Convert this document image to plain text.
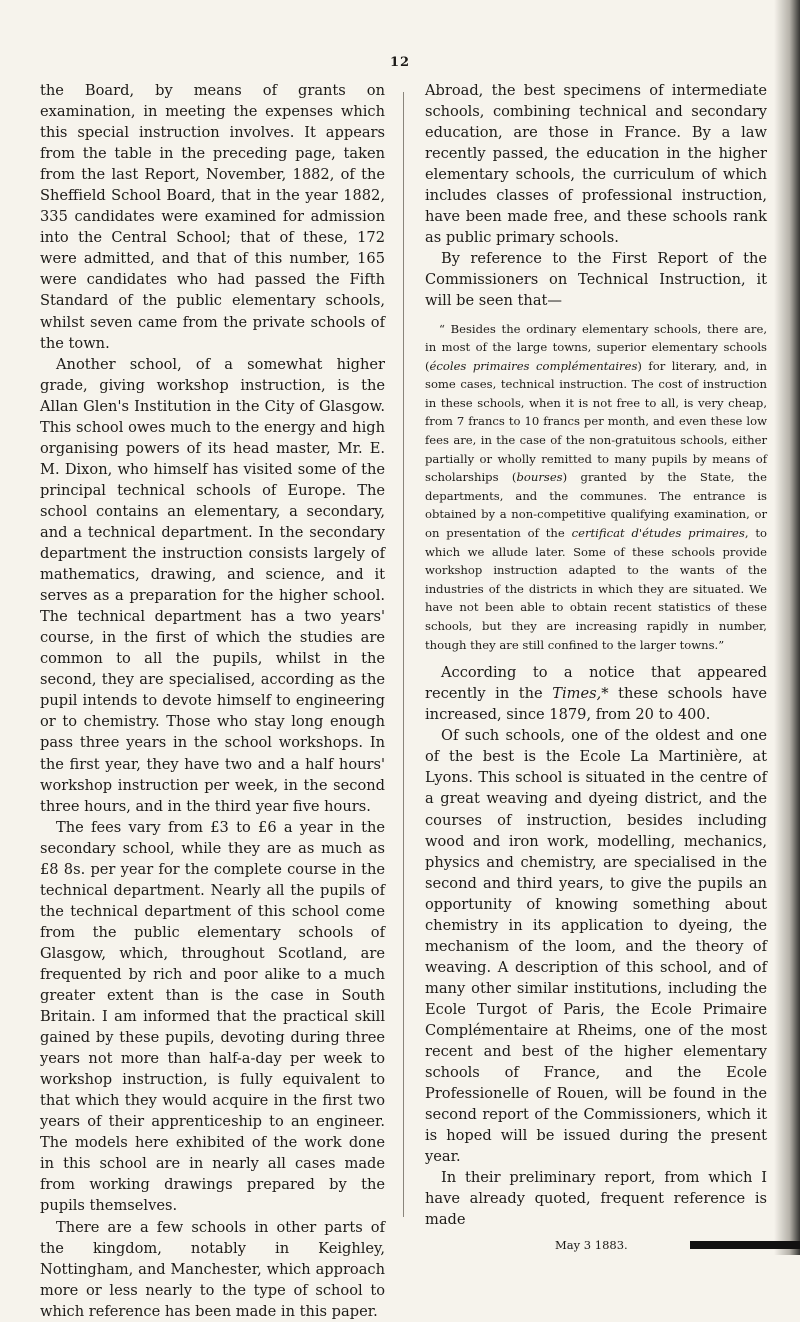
12

the Board, by means of grants on examination, in meeting the expenses which this special instruction involves. It appears from the table in the preceding page, taken from the last Report, November, 1882, of the Sheffield School Board, that in the year 1882, 335 candidates were examined for admission into the Central School; that of these, 172 were admitted, and that of this number, 165 were candidates who had passed the Fifth Standard of the public elementary schools, whilst seven came from the private schools of the town.

Another school, of a somewhat higher grade, giving workshop instruction, is the Allan Glen's Institution in the City of Glasgow. This school owes much to the energy and high organising powers of its head master, Mr. E. M. Dixon, who himself has visited some of the principal technical schools of Europe. The school contains an elementary, a secondary, and a technical department. In the secondary department the instruction consists largely of mathematics, drawing, and science, and it serves as a preparation for the higher school. The technical department has a two years' course, in the first of which the studies are common to all the pupils, whilst in the second, they are specialised, according as the pupil intends to devote himself to engineering or to chemistry. Those who stay long enough pass three years in the school workshops. In the first year, they have two and a half hours' workshop instruction per week, in the second three hours, and in the third year five hours.

The fees vary from £3 to £6 a year in the secondary school, while they are as much as £8 8s. per year for the complete course in the technical department. Nearly all the pupils of the technical department of this school come from the public elementary schools of Glasgow, which, throughout Scotland, are frequented by rich and poor alike to a much greater extent than is the case in South Britain. I am informed that the practical skill gained by these pupils, devoting during three years not more than half-a-day per week to workshop instruction, is fully equivalent to that which they would acquire in the first two years of their apprenticeship to an engineer. The models here exhibited of the work done in this school are in nearly all cases made from working drawings prepared by the pupils themselves.

There are a few schools in other parts of the kingdom, notably in Keighley, Nottingham, and Manchester, which approach more or less nearly to the type of school to which reference has been made in this paper.

Abroad, the best specimens of intermediate schools, combining technical and secondary education, are those in France. By a law recently passed, the education in the higher elementary schools, the curriculum of which includes classes of professional instruction, have been made free, and these schools rank as public primary schools.

By reference to the First Report of the Commissioners on Technical Instruction, it will be seen that—

“ Besides the ordinary elementary schools, there are, in most of the large towns, superior elementary schools (écoles primaires complémentaires) for literary, and, in some cases, technical instruction. The cost of instruction in these schools, when it is not free to all, is very cheap, from 7 francs to 10 francs per month, and even these low fees are, in the case of the non-gratuitous schools, either partially or wholly remitted to many pupils by means of scholarships (bourses) granted by the State, the departments, and the communes. The entrance is obtained by a non-competitive qualifying examination, or on presentation of the certificat d'études primaires, to which we allude later. Some of these schools provide workshop instruction adapted to the wants of the industries of the districts in which they are situated. We have not been able to obtain recent statistics of these schools, but they are increasing rapidly in number, though they are still confined to the larger towns.”

According to a notice that appeared recently in the Times,* these schools have increased, since 1879, from 20 to 400.

Of such schools, one of the oldest and one of the best is the Ecole La Martinière, at Lyons. This school is situated in the centre of a great weaving and dyeing district, and the courses of instruction, besides including wood and iron work, modelling, mechanics, physics and chemistry, are specialised in the second and third years, to give the pupils an opportunity of knowing something about chemistry in its application to dyeing, the mechanism of the loom, and the theory of weaving. A description of this school, and of many other similar institutions, including the Ecole Turgot of Paris, the Ecole Primaire Complémentaire at Rheims, one of the most recent and best of the higher elementary schools of France, and the Ecole Professionelle of Rouen, will be found in the second report of the Commissioners, which it is hoped will be issued during the present year.

In their preliminary report, from which I have already quoted, frequent reference is made

May 3 1883.
